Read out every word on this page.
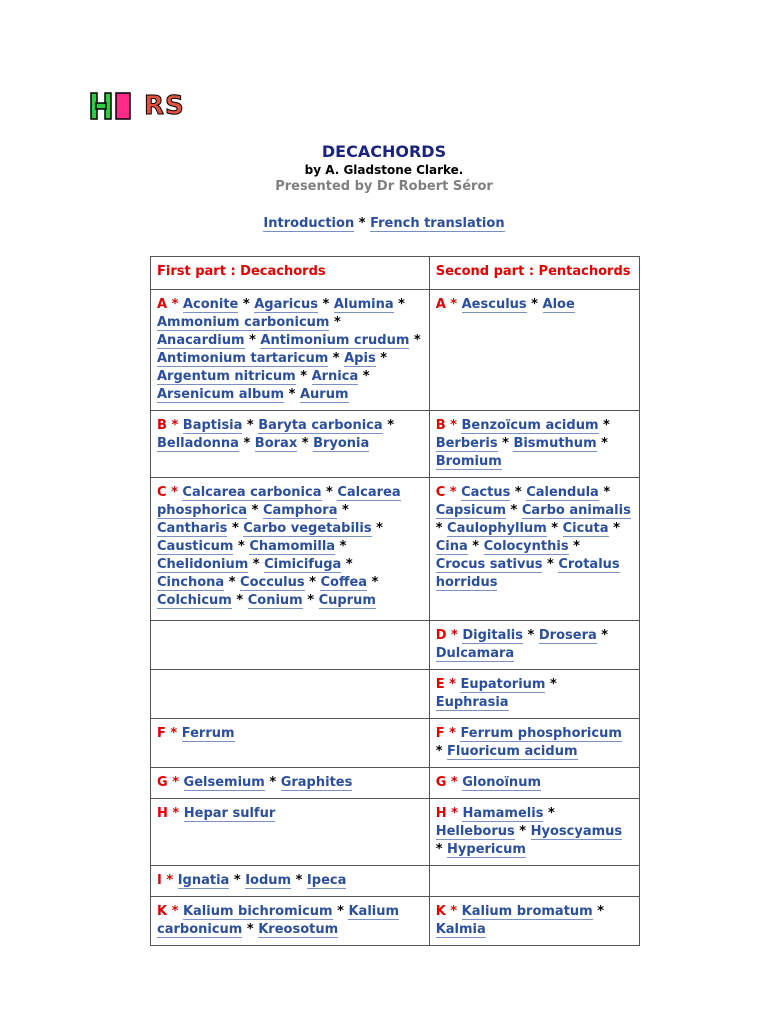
RS
DECACHORDS
by A. Gladstone Clarke.
Presented by Dr Robert Séror
Introduction * French translation
First part : Decachords	Second part : Pentachords
A * Aconite * Agaricus * Alumina * Ammonium carbonicum * Anacardium * Antimonium crudum * Antimonium tartaricum * Apis * Argentum nitricum * Arnica * Arsenicum album * Aurum	A * Aesculus * Aloe
B * Baptisia * Baryta carbonica * Belladonna * Borax * Bryonia	B * Benzoïcum acidum * Berberis * Bismuthum * Bromium
C * Calcarea carbonica * Calcarea phosphorica * Camphora * Cantharis * Carbo vegetabilis * Causticum * Chamomilla * Chelidonium * Cimicifuga * Cinchona * Cocculus * Coffea * Colchicum * Conium * Cuprum	C * Cactus * Calendula * Capsicum * Carbo animalis * Caulophyllum * Cicuta * Cina * Colocynthis * Crocus sativus * Crotalus horridus
	D * Digitalis * Drosera * Dulcamara
	E * Eupatorium * Euphrasia
F * Ferrum	F * Ferrum phosphoricum * Fluoricum acidum
G * Gelsemium * Graphites	G * Glonoïnum
H * Hepar sulfur	H * Hamamelis * Helleborus * Hyoscyamus * Hypericum
I * Ignatia * Iodum * Ipeca	
K * Kalium bichromicum * Kalium carbonicum * Kreosotum	K * Kalium bromatum * Kalmia
